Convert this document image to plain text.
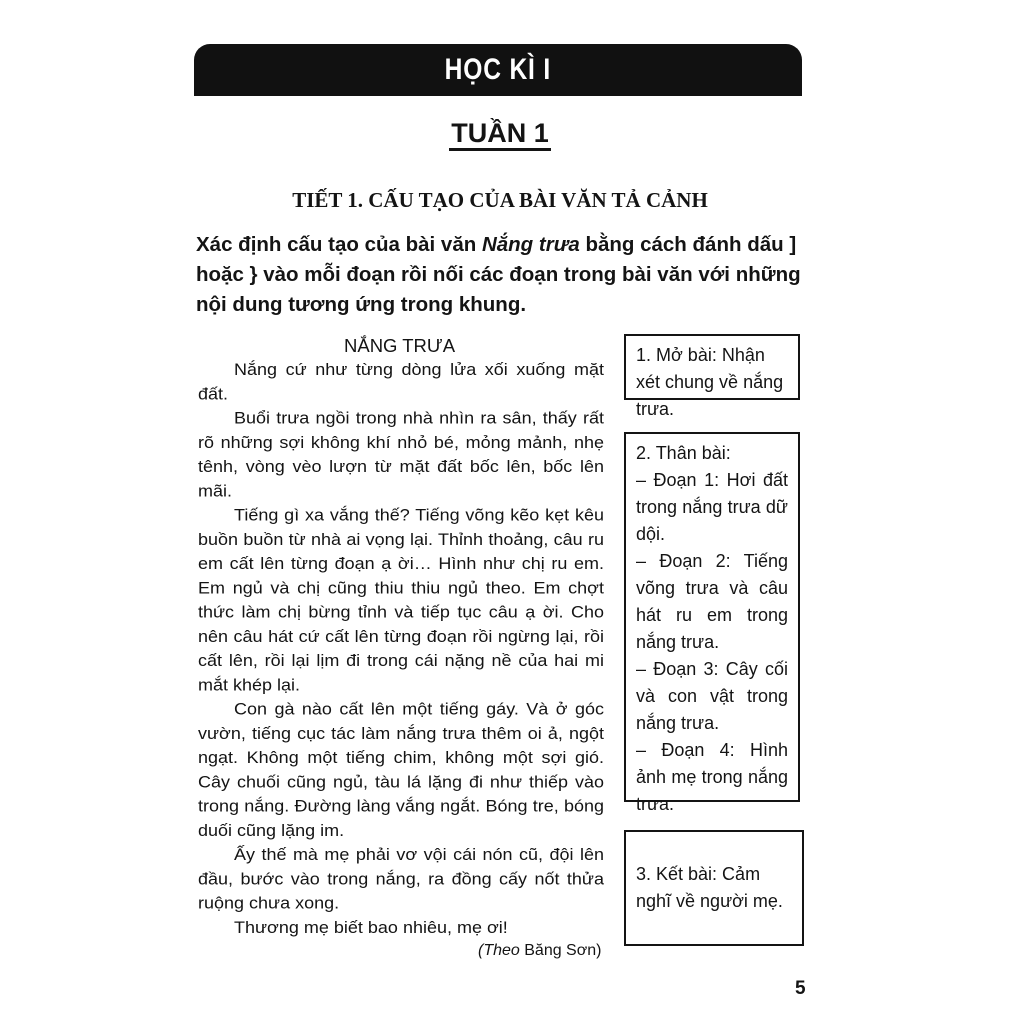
HỌC KÌ I
TUẦN 1
TIẾT 1. CẤU TẠO CỦA BÀI VĂN TẢ CẢNH
Xác định cấu tạo của bài văn Nắng trưa bằng cách đánh dấu ] hoặc } vào mỗi đoạn rồi nối các đoạn trong bài văn với những nội dung tương ứng trong khung.
NẮNG TRƯA

Nắng cứ như từng dòng lửa xối xuống mặt đất.

Buổi trưa ngồi trong nhà nhìn ra sân, thấy rất rõ những sợi không khí nhỏ bé, mỏng mảnh, nhẹ tênh, vòng vèo lượn từ mặt đất bốc lên, bốc lên mãi.

Tiếng gì xa vắng thế? Tiếng võng kẽo kẹt kêu buồn buồn từ nhà ai vọng lại. Thỉnh thoảng, câu ru em cất lên từng đoạn ạ ời… Hình như chị ru em. Em ngủ và chị cũng thiu thiu ngủ theo. Em chợt thức làm chị bừng tỉnh và tiếp tục câu ạ ời. Cho nên câu hát cứ cất lên từng đoạn rồi ngừng lại, rồi cất lên, rồi lại lịm đi trong cái nặng nề của hai mi mắt khép lại.

Con gà nào cất lên một tiếng gáy. Và ở góc vườn, tiếng cục tác làm nắng trưa thêm oi ả, ngột ngạt. Không một tiếng chim, không một sợi gió. Cây chuối cũng ngủ, tàu lá lặng đi như thiếp vào trong nắng. Đường làng vắng ngắt. Bóng tre, bóng duối cũng lặng im.

Ấy thế mà mẹ phải vơ vội cái nón cũ, đội lên đầu, bước vào trong nắng, ra đồng cấy nốt thửa ruộng chưa xong.

Thương mẹ biết bao nhiêu, mẹ ơi!

(Theo Băng Sơn)
1. Mở bài: Nhận xét chung về nắng trưa.
2. Thân bài:
– Đoạn 1: Hơi đất trong nắng trưa dữ dội.
– Đoạn 2: Tiếng võng trưa và câu hát ru em trong nắng trưa.
– Đoạn 3: Cây cối và con vật trong nắng trưa.
– Đoạn 4: Hình ảnh mẹ trong nắng trưa.
3. Kết bài: Cảm nghĩ về người mẹ.
5
